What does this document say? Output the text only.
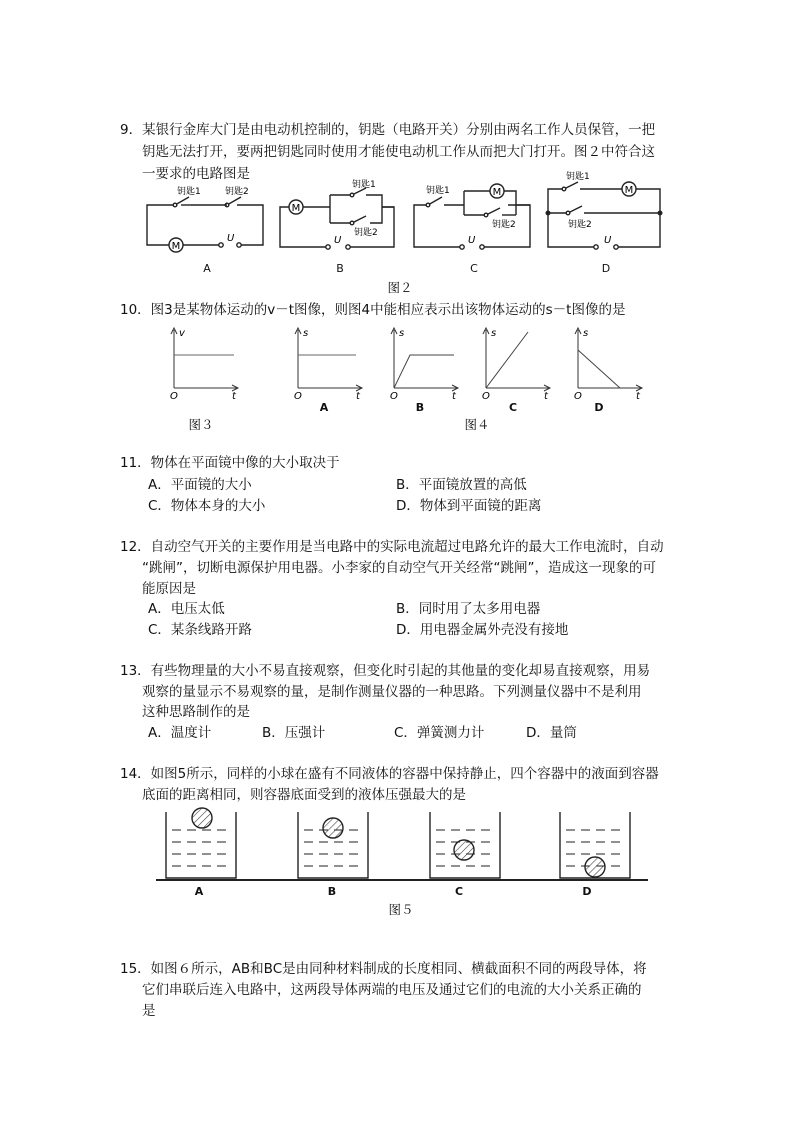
9．某银行金库大门是由电动机控制的，钥匙（电路开关）分别由两名工作人员保管，一把
钥匙无法打开，要两把钥匙同时使用才能使电动机工作从而把大门打开。图２中符合这
一要求的电路图是
M
钥匙1	钥匙2
U
A
M
钥匙1
钥匙2
U
B
M
钥匙1
钥匙2
U
C
M
钥匙1
钥匙2
U
D
图２
10．图3是某物体运动的v－t图像，则图4中能相应表示出该物体运动的s－t图像的是
v
O	t
s
O	t
s
O	t
s
O	t
s
O	t
A	B	C	D
图３	图４
11．物体在平面镜中像的大小取决于
A．平面镜的大小	B．平面镜放置的高低
C．物体本身的大小	D．物体到平面镜的距离
12．自动空气开关的主要作用是当电路中的实际电流超过电路允许的最大工作电流时，自动
“跳闸”，切断电源保护用电器。小李家的自动空气开关经常“跳闸”，造成这一现象的可
能原因是
A．电压太低	B．同时用了太多用电器
C．某条线路开路	D．用电器金属外壳没有接地
13．有些物理量的大小不易直接观察，但变化时引起的其他量的变化却易直接观察，用易
观察的量显示不易观察的量，是制作测量仪器的一种思路。下列测量仪器中不是利用
这种思路制作的是
A．温度计	B．压强计	C．弹簧测力计	D．量筒
14．如图5所示，同样的小球在盛有不同液体的容器中保持静止，四个容器中的液面到容器
底面的距离相同，则容器底面受到的液体压强最大的是
A	B	C	D
图５
15．如图６所示，AB和BC是由同种材料制成的长度相同、横截面积不同的两段导体，将
它们串联后连入电路中，这两段导体两端的电压及通过它们的电流的大小关系正确的
是
